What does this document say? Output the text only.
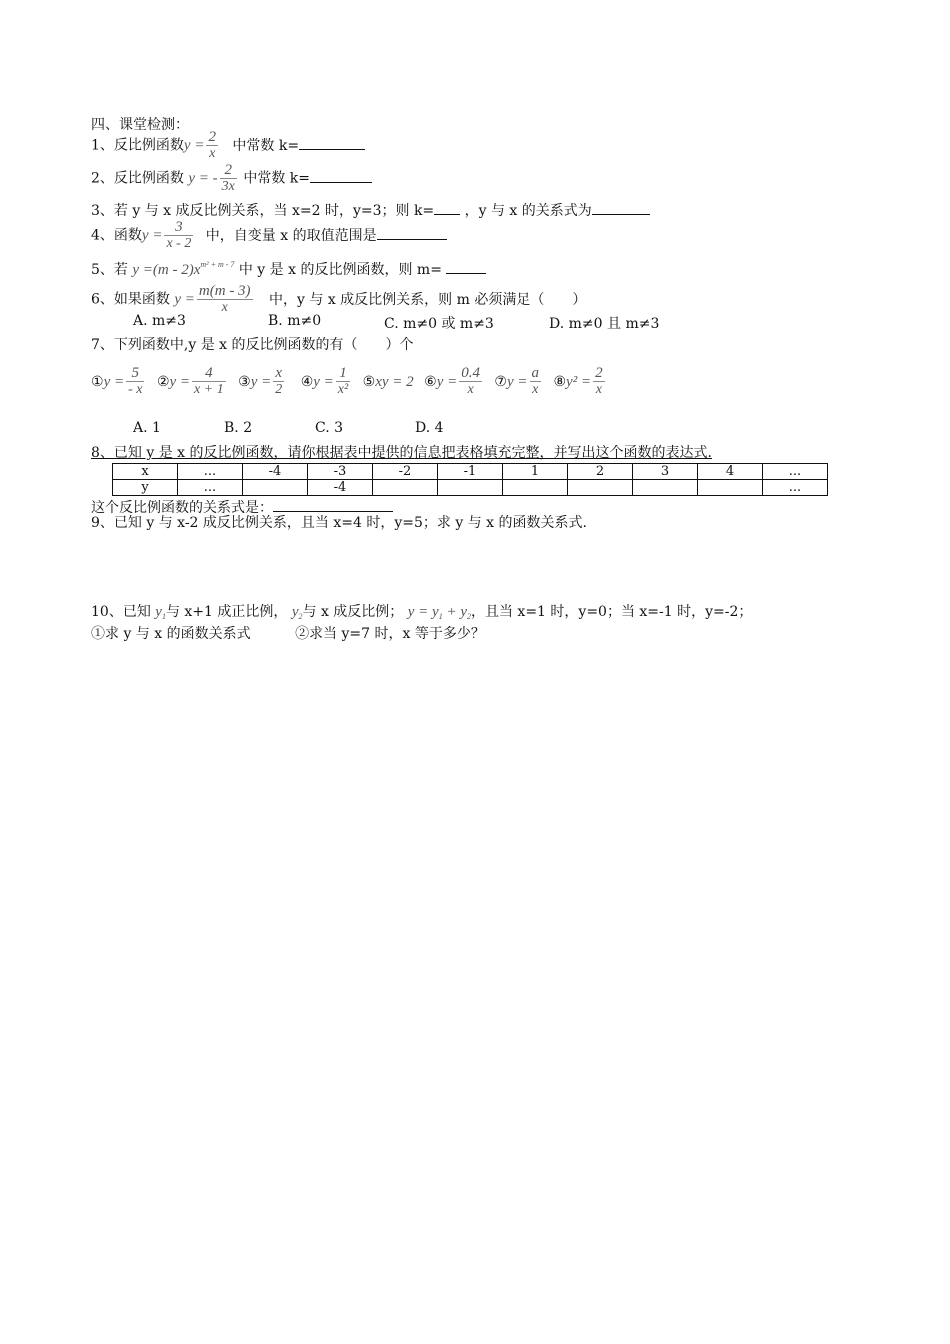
四、课堂检测：
1、反比例函数$y = \frac{2}{x}$ 中常数 k=
2、反比例函数 y = - $\frac{2}{3x}$ 中常数 k=
3、若 y 与 x 成反比例关系，当 x=2 时，y=3；则 k= ，y 与 x 的关系式为
4、函数$y = \frac{3}{x - 2}$ 中，自变量 x 的取值范围是
5、若 $y =(m - 2)x^{m^2 + m - 7}$ 中 y 是 x 的反比例函数，则 m=
6、如果函数 $y = \frac{m(m - 3)}{x}$ 中，y 与 x 成反比例关系，则 m 必须满足（　　）
A. m≠3	B. m≠0	C. m≠0 或 m≠3	D. m≠0 且 m≠3
7、下列函数中,y 是 x 的反比例函数的有（　　）个
①y = $\frac{5}{- x}$ ②y = $\frac{4}{x + 1}$ ③y = $\frac{x}{2}$ ④y = $\frac{1}{\text{x²}}$ ⑤xy = 2 ⑥y = $\frac{0.4}{x}$ ⑦y = $\frac{a}{x}$ ⑧y² = $\frac{2}{x}$
A. 1	B. 2	C. 3	D. 4
8、已知 y 是 x 的反比例函数，请你根据表中提供的信息把表格填充完整，并写出这个函数的表达式.
x	...	-4	-3	-2	-1	1	2	3	4	...
y	...		-4							...
这个反比例函数的关系式是：
9、已知 y 与 x-2 成反比例关系，且当 x=4 时，y=5；求 y 与 x 的函数关系式.
10、已知 $y_1$与 x+1 成正比例， $y_2$与 x 成反比例； $y = y_1 + y_2$，且当 x=1 时，y=0；当 x=-1 时，y=-2；
①求 y 与 x 的函数关系式	②求当 y=7 时，x 等于多少？
